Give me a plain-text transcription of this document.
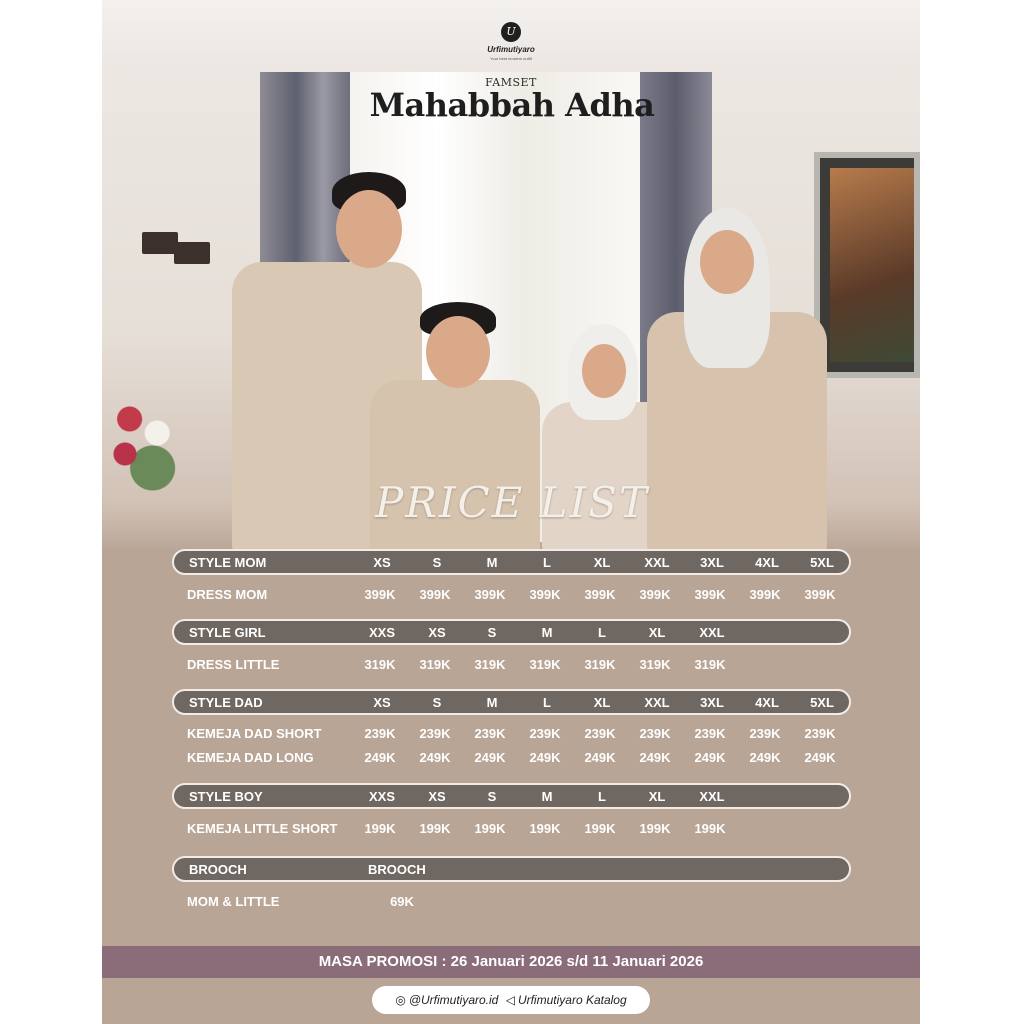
U
Urfimutiyaro
Your best moslem outfit
FAMSET
Mahabbah Adha
PRICE LIST
STYLE MOM	XS	S	M	L	XL	XXL	3XL	4XL	5XL
DRESS MOM	399K	399K	399K	399K	399K	399K	399K	399K	399K
STYLE GIRL	XXS	XS	S	M	L	XL	XXL
DRESS LITTLE	319K	319K	319K	319K	319K	319K	319K
STYLE DAD	XS	S	M	L	XL	XXL	3XL	4XL	5XL
KEMEJA DAD SHORT	239K	239K	239K	239K	239K	239K	239K	239K	239K
KEMEJA DAD LONG	249K	249K	249K	249K	249K	249K	249K	249K	249K
STYLE BOY	XXS	XS	S	M	L	XL	XXL
KEMEJA LITTLE SHORT	199K	199K	199K	199K	199K	199K	199K
BROOCH	BROOCH
MOM & LITTLE	69K
MASA PROMOSI : 26 Januari 2026 s/d 11 Januari 2026
◎ @Urfimutiyaro.id ◁ Urfimutiyaro Katalog
